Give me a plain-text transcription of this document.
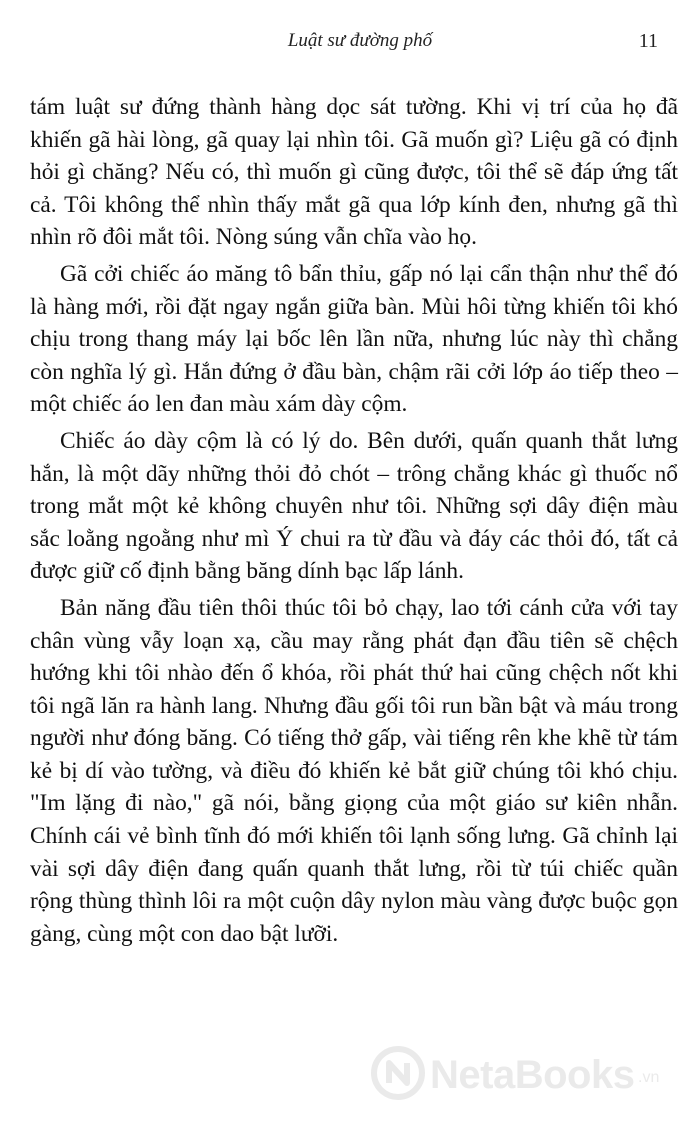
Luật sư đường phố	11

tám luật sư đứng thành hàng dọc sát tường. Khi vị trí của họ đã khiến gã hài lòng, gã quay lại nhìn tôi. Gã muốn gì? Liệu gã có định hỏi gì chăng? Nếu có, thì muốn gì cũng được, tôi thể sẽ đáp ứng tất cả. Tôi không thể nhìn thấy mắt gã qua lớp kính đen, nhưng gã thì nhìn rõ đôi mắt tôi. Nòng súng vẫn chĩa vào họ.

Gã cởi chiếc áo măng tô bẩn thỉu, gấp nó lại cẩn thận như thể đó là hàng mới, rồi đặt ngay ngắn giữa bàn. Mùi hôi từng khiến tôi khó chịu trong thang máy lại bốc lên lần nữa, nhưng lúc này thì chẳng còn nghĩa lý gì. Hắn đứng ở đầu bàn, chậm rãi cởi lớp áo tiếp theo – một chiếc áo len đan màu xám dày cộm.

Chiếc áo dày cộm là có lý do. Bên dưới, quấn quanh thắt lưng hắn, là một dãy những thỏi đỏ chót – trông chẳng khác gì thuốc nổ trong mắt một kẻ không chuyên như tôi. Những sợi dây điện màu sắc loằng ngoằng như mì Ý chui ra từ đầu và đáy các thỏi đó, tất cả được giữ cố định bằng băng dính bạc lấp lánh.

Bản năng đầu tiên thôi thúc tôi bỏ chạy, lao tới cánh cửa với tay chân vùng vẫy loạn xạ, cầu may rằng phát đạn đầu tiên sẽ chệch hướng khi tôi nhào đến ổ khóa, rồi phát thứ hai cũng chệch nốt khi tôi ngã lăn ra hành lang. Nhưng đầu gối tôi run bần bật và máu trong người như đóng băng. Có tiếng thở gấp, vài tiếng rên khe khẽ từ tám kẻ bị dí vào tường, và điều đó khiến kẻ bắt giữ chúng tôi khó chịu. "Im lặng đi nào," gã nói, bằng giọng của một giáo sư kiên nhẫn. Chính cái vẻ bình tĩnh đó mới khiến tôi lạnh sống lưng. Gã chỉnh lại vài sợi dây điện đang quấn quanh thắt lưng, rồi từ túi chiếc quần rộng thùng thình lôi ra một cuộn dây nylon màu vàng được buộc gọn gàng, cùng một con dao bật lưỡi.

NetaBooks .vn
